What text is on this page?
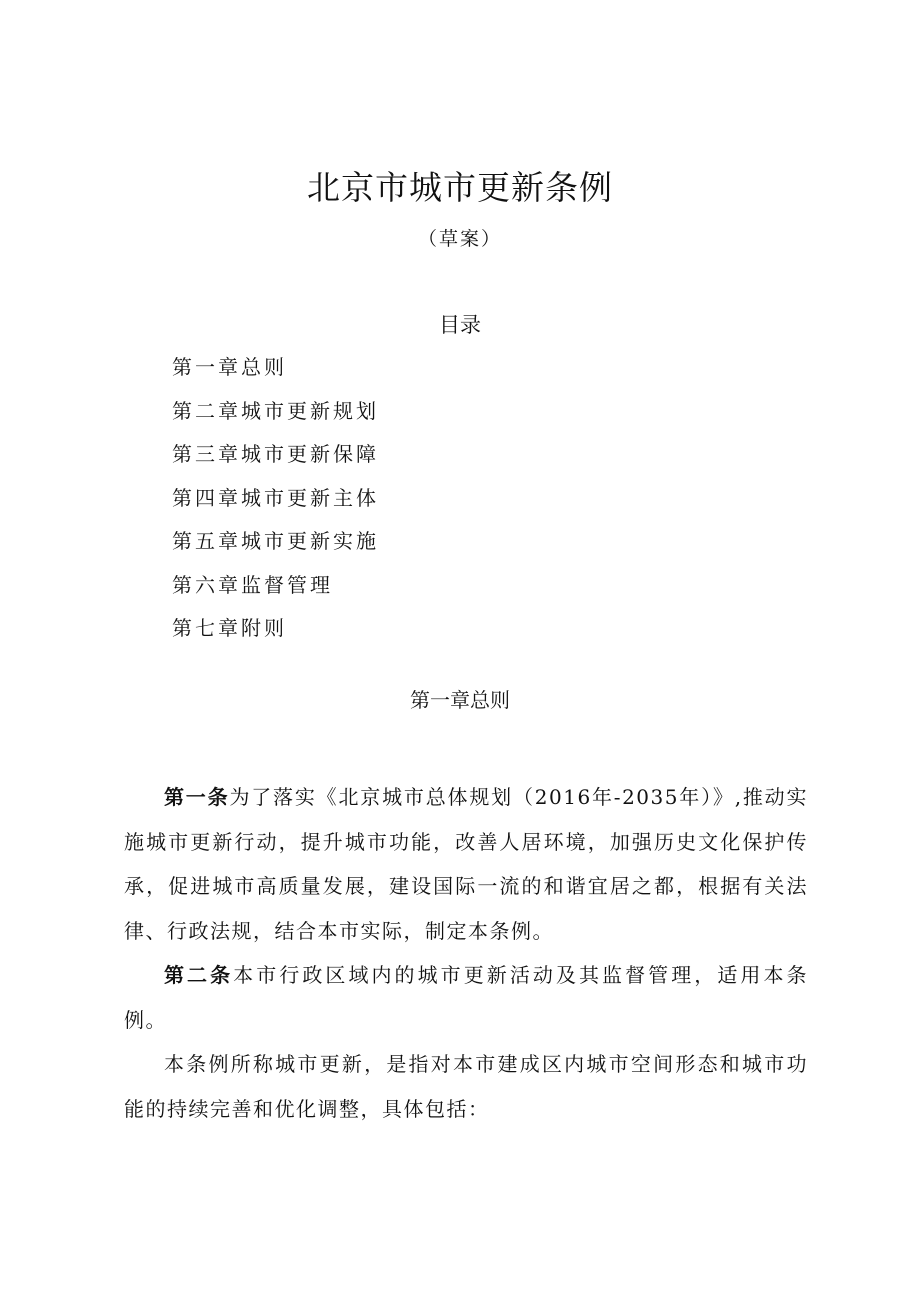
北京市城市更新条例
（草案）
目录
第一章总则
第二章城市更新规划
第三章城市更新保障
第四章城市更新主体
第五章城市更新实施
第六章监督管理
第七章附则
第一章总则

第一条为了落实《北京城市总体规划（2016年-2035年）》,推动实施城市更新行动，提升城市功能，改善人居环境，加强历史文化保护传承，促进城市高质量发展，建设国际一流的和谐宜居之都，根据有关法律、行政法规，结合本市实际，制定本条例。

第二条本市行政区域内的城市更新活动及其监督管理，适用本条例。

本条例所称城市更新，是指对本市建成区内城市空间形态和城市功能的持续完善和优化调整，具体包括：
